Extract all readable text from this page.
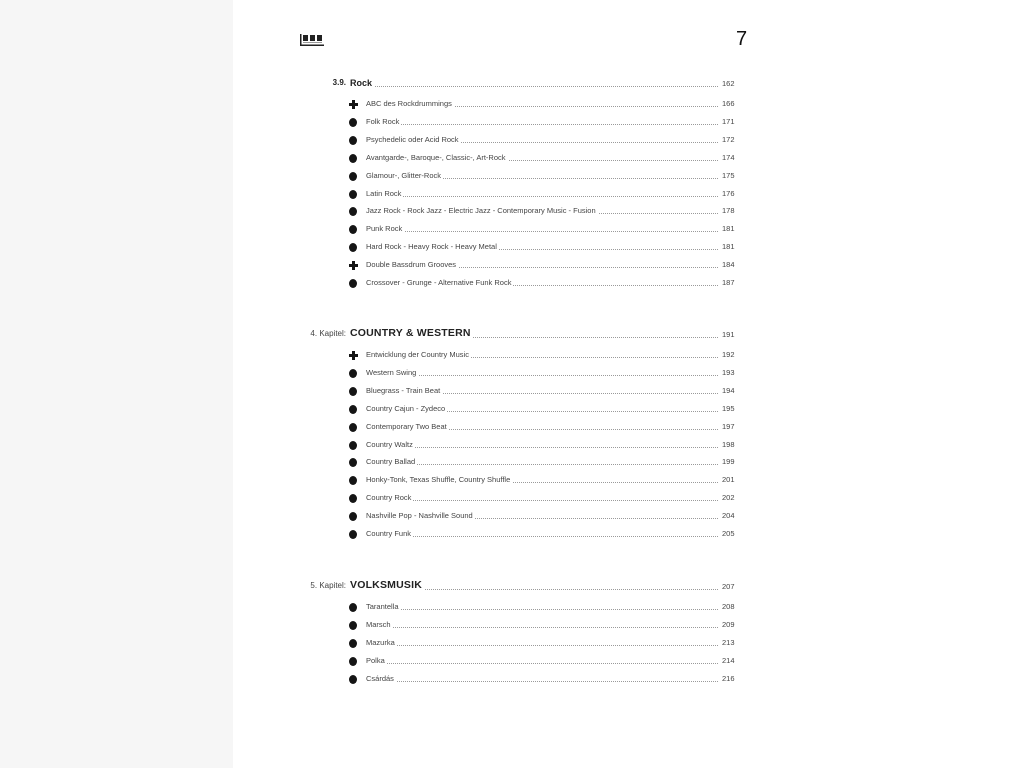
7
3.9. Rock	162
ABC des Rockdrummings	166
Folk Rock	171
Psychedelic oder Acid Rock	172
Avantgarde-, Baroque-, Classic-, Art-Rock	174
Glamour-, Glitter-Rock	175
Latin Rock	176
Jazz Rock - Rock Jazz - Electric Jazz - Contemporary Music - Fusion	178
Punk Rock	181
Hard Rock - Heavy Rock - Heavy Metal	181
Double Bassdrum Grooves	184
Crossover - Grunge - Alternative Funk Rock	187
4. Kapitel: COUNTRY & WESTERN	191
Entwicklung der Country Music	192
Western Swing	193
Bluegrass - Train Beat	194
Country Cajun - Zydeco	195
Contemporary Two Beat	197
Country Waltz	198
Country Ballad	199
Honky-Tonk, Texas Shuffle, Country Shuffle	201
Country Rock	202
Nashville Pop - Nashville Sound	204
Country Funk	205
5. Kapitel: VOLKSMUSIK	207
Tarantella	208
Marsch	209
Mazurka	213
Polka	214
Csárdás	216
